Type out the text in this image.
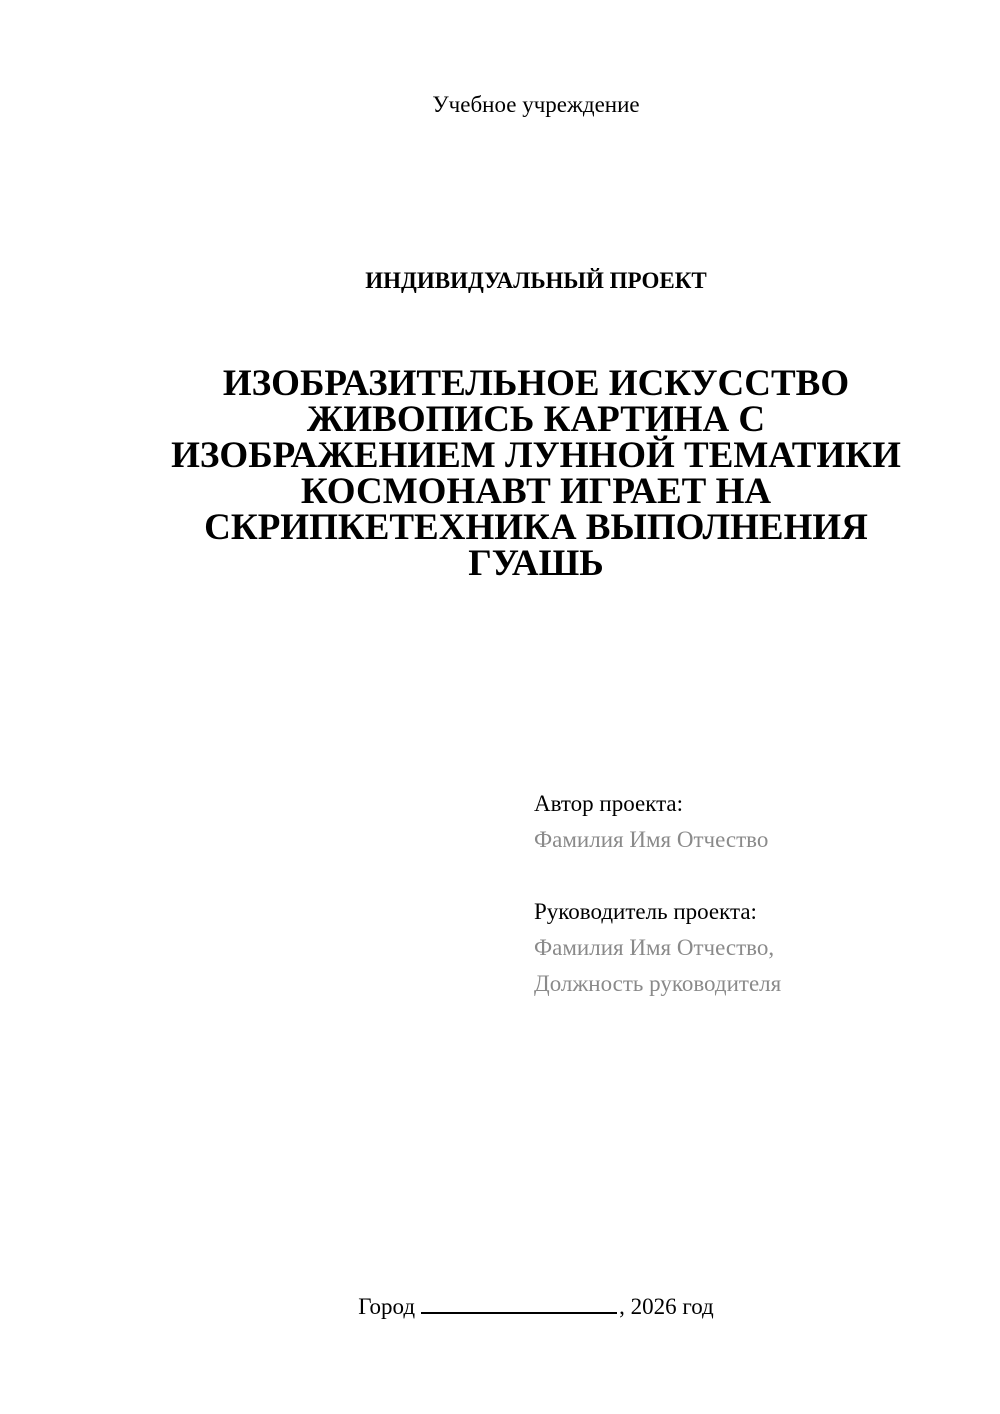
Учебное учреждение
ИНДИВИДУАЛЬНЫЙ ПРОЕКТ
ИЗОБРАЗИТЕЛЬНОЕ ИСКУССТВО
ЖИВОПИСЬ КАРТИНА С
ИЗОБРАЖЕНИЕМ ЛУННОЙ ТЕМАТИКИ
КОСМОНАВТ ИГРАЕТ НА
СКРИПКЕТЕХНИКА ВЫПОЛНЕНИЯ
ГУАШЬ
Автор проекта:
Фамилия Имя Отчество
Руководитель проекта:
Фамилия Имя Отчество,
Должность руководителя
Город	, 2026 год
